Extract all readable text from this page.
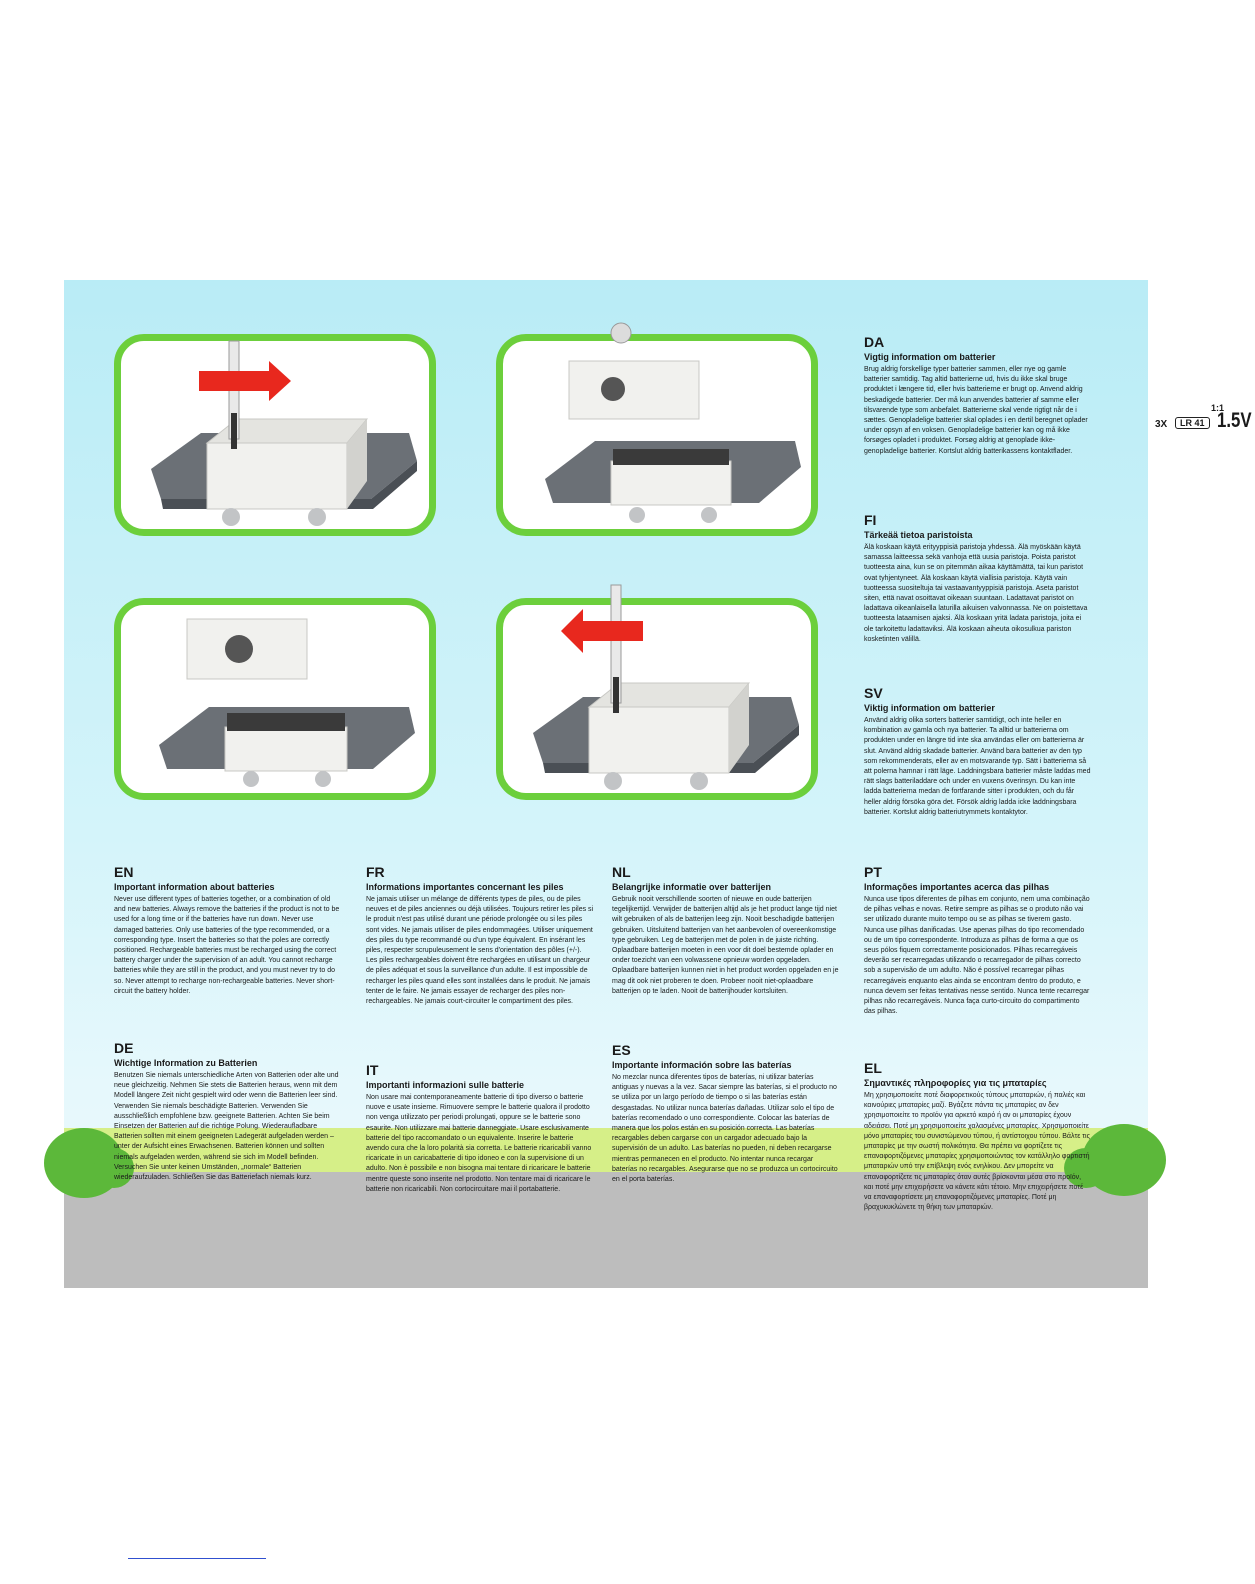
1:1
3X	LR 41 1.5V
DA
Vigtig information om batterier

Brug aldrig forskellige typer batterier sammen, eller nye og gamle batterier samtidig. Tag altid batterierne ud, hvis du ikke skal bruge produktet i længere tid, eller hvis batterierne er brugt op. Anvend aldrig beskadigede batterier. Der må kun anvendes batterier af samme eller tilsvarende type som anbefalet. Batterierne skal vende rigtigt når de i sættes. Genopladelige batterier skal oplades i en dertil beregnet oplader under opsyn af en voksen. Genopladelige batterier kan og må ikke forsøges opladet i produktet. Forsøg aldrig at genoplade ikke-genopladelige batterier. Kortslut aldrig batterikassens kontaktflader.

FI
Tärkeää tietoa paristoista

Älä koskaan käytä erityyppisiä paristoja yhdessä. Älä myöskään käytä samassa laitteessa sekä vanhoja että uusia paristoja. Poista paristot tuotteesta aina, kun se on pitemmän aikaa käyttämättä, tai kun paristot ovat tyhjentyneet. Älä koskaan käytä viallisia paristoja. Käytä vain tuotteessa suositeltuja tai vastaavantyyppisiä paristoja. Aseta paristot siten, että navat osoittavat oikeaan suuntaan. Ladattavat paristot on ladattava oikeanlaisella laturilla aikuisen valvonnassa. Ne on poistettava tuotteesta lataamisen ajaksi. Älä koskaan yritä ladata paristoja, joita ei ole tarkoitettu ladattaviksi. Älä koskaan aiheuta oikosulkua pariston kosketinten välillä.

SV
Viktig information om batterier

Använd aldrig olika sorters batterier samtidigt, och inte heller en kombination av gamla och nya batterier. Ta alltid ur batterierna om produkten under en längre tid inte ska användas eller om batterierna är slut. Använd aldrig skadade batterier. Använd bara batterier av den typ som rekommenderats, eller av en motsvarande typ. Sätt i batterierna så att polerna hamnar i rätt läge. Laddningsbara batterier måste laddas med rätt slags batteriladdare och under en vuxens överinsyn. Du kan inte ladda batterierna medan de fortfarande sitter i produkten, och du får heller aldrig försöka göra det. Försök aldrig ladda icke laddningsbara batterier. Kortslut aldrig batteriutrymmets kontaktytor.

EN
Important information about batteries

Never use different types of batteries together, or a combination of old and new batteries. Always remove the batteries if the product is not to be used for a long time or if the batteries have run down. Never use damaged batteries. Only use batteries of the type recommended, or a corresponding type. Insert the batteries so that the poles are correctly positioned. Rechargeable batteries must be recharged using the correct battery charger under the supervision of an adult. You cannot recharge batteries while they are still in the product, and you must never try to do so. Never attempt to recharge non-rechargeable batteries. Never short-circuit the battery holder.

FR
Informations importantes concernant les piles

Ne jamais utiliser un mélange de différents types de piles, ou de piles neuves et de piles anciennes ou déjà utilisées. Toujours retirer les piles si le produit n'est pas utilisé durant une période prolongée ou si les piles sont vides. Ne jamais utiliser de piles endommagées. Utiliser uniquement des piles du type recommandé ou d'un type équivalent. En insérant les piles, respecter scrupuleusement le sens d'orientation des pôles (+/-). Les piles rechargeables doivent être rechargées en utilisant un chargeur de piles adéquat et sous la surveillance d'un adulte. Il est impossible de recharger les piles quand elles sont installées dans le produit. Ne jamais tenter de le faire. Ne jamais essayer de recharger des piles non-rechargeables. Ne jamais court-circuiter le compartiment des piles.

NL
Belangrijke informatie over batterijen

Gebruik nooit verschillende soorten of nieuwe en oude batterijen tegelijkertijd. Verwijder de batterijen altijd als je het product lange tijd niet wilt gebruiken of als de batterijen leeg zijn. Nooit beschadigde batterijen gebruiken. Uitsluitend batterijen van het aanbevolen of overeenkomstige type gebruiken. Leg de batterijen met de polen in de juiste richting. Oplaadbare batterijen moeten in een voor dit doel bestemde oplader en onder toezicht van een volwassene opnieuw worden opgeladen. Oplaadbare batterijen kunnen niet in het product worden opgeladen en je mag dit ook niet proberen te doen. Probeer nooit niet-oplaadbare batterijen op te laden. Nooit de batterijhouder kortsluiten.

PT
Informações importantes acerca das pilhas

Nunca use tipos diferentes de pilhas em conjunto, nem uma combinação de pilhas velhas e novas. Retire sempre as pilhas se o produto não vai ser utilizado durante muito tempo ou se as pilhas se tiverem gasto. Nunca use pilhas danificadas. Use apenas pilhas do tipo recomendado ou de um tipo correspondente. Introduza as pilhas de forma a que os seus pólos fiquem correctamente posicionados. Pilhas recarregáveis deverão ser recarregadas utilizando o recarregador de pilhas correcto sob a supervisão de um adulto. Não é possível recarregar pilhas recarregáveis enquanto elas ainda se encontram dentro do produto, e nunca devem ser feitas tentativas nesse sentido. Nunca tente recarregar pilhas não recarregáveis. Nunca faça curto-circuito do compartimento das pilhas.

DE
Wichtige Information zu Batterien

Benutzen Sie niemals unterschiedliche Arten von Batterien oder alte und neue gleichzeitig. Nehmen Sie stets die Batterien heraus, wenn mit dem Modell längere Zeit nicht gespielt wird oder wenn die Batterien leer sind. Verwenden Sie niemals beschädigte Batterien. Verwenden Sie ausschließlich empfohlene bzw. geeignete Batterien. Achten Sie beim Einsetzen der Batterien auf die richtige Polung. Wiederaufladbare Batterien sollten mit einem geeigneten Ladegerät aufgeladen werden – unter der Aufsicht eines Erwachsenen. Batterien können und sollten niemals aufgeladen werden, während sie sich im Modell befinden. Versuchen Sie unter keinen Umständen, „normale“ Batterien wiederaufzuladen. Schließen Sie das Batteriefach niemals kurz.

IT
Importanti informazioni sulle batterie

Non usare mai contemporaneamente batterie di tipo diverso o batterie nuove e usate insieme. Rimuovere sempre le batterie qualora il prodotto non venga utilizzato per periodi prolungati, oppure se le batterie sono esaurite. Non utilizzare mai batterie danneggiate. Usare esclusivamente batterie del tipo raccomandato o un equivalente. Inserire le batterie avendo cura che la loro polarità sia corretta. Le batterie ricaricabili vanno ricaricate in un caricabatterie di tipo idoneo e con la supervisione di un adulto. Non è possibile e non bisogna mai tentare di ricaricare le batterie mentre queste sono inserite nel prodotto. Non tentare mai di ricaricare le batterie non ricaricabili. Non cortocircuitare mai il portabatterie.

ES
Importante información sobre las baterías

No mezclar nunca diferentes tipos de baterías, ni utilizar baterías antiguas y nuevas a la vez. Sacar siempre las baterías, si el producto no se utiliza por un largo período de tiempo o si las baterías están desgastadas. No utilizar nunca baterías dañadas. Utilizar solo el tipo de baterías recomendado o uno correspondiente. Colocar las baterías de manera que los polos están en su posición correcta. Las baterías recargables deben cargarse con un cargador adecuado bajo la supervisión de un adulto. Las baterías no pueden, ni deben recargarse mientras permanecen en el producto. No intentar nunca recargar baterías no recargables. Asegurarse que no se produzca un cortocircuito en el porta baterías.

EL
Σημαντικές πληροφορίες για τις μπαταρίες

Μη χρησιμοποιείτε ποτέ διαφορετικούς τύπους μπαταριών, ή παλιές και καινούριες μπαταρίες μαζί. Βγάζετε πάντα τις μπαταρίες αν δεν χρησιμοποιείτε το προϊόν για αρκετό καιρό ή αν οι μπαταρίες έχουν αδειάσει. Ποτέ μη χρησιμοποιείτε χαλασμένες μπαταρίες. Χρησιμοποιείτε μόνο μπαταρίες του συνιστώμενου τύπου, ή αντίστοιχου τύπου. Βάλτε τις μπαταρίες με την σωστή πολικότητα. Θα πρέπει να φορτίζετε τις επαναφορτιζόμενες μπαταρίες χρησιμοποιώντας τον κατάλληλο φορτιστή μπαταριών υπό την επίβλεψη ενός ενηλίκου. Δεν μπορείτε να επαναφορτίζετε τις μπαταρίες όταν αυτές βρίσκονται μέσα στο προϊόν, και ποτέ μην επιχειρήσετε να κάνετε κάτι τέτοιο. Μην επιχειρήσετε ποτέ να επαναφορτίσετε μη επαναφορτιζόμενες μπαταρίες. Ποτέ μη βραχυκυκλώνετε τη θήκη των μπαταριών.
